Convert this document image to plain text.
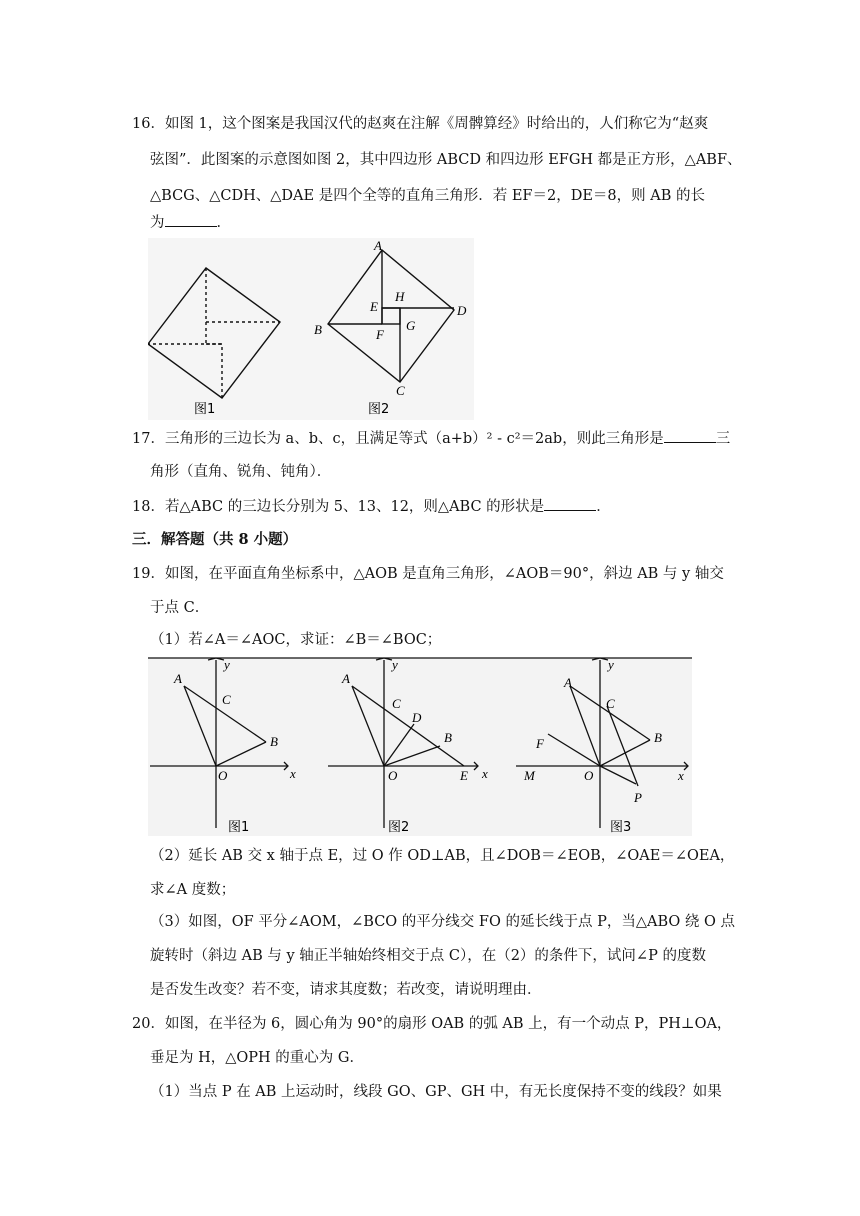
16．如图 1，这个图案是我国汉代的赵爽在注解《周髀算经》时给出的，人们称它为“赵爽
弦图”．此图案的示意图如图 2，其中四边形 ABCD 和四边形 EFGH 都是正方形，△ABF、
△BCG、△CDH、△DAE 是四个全等的直角三角形．若 EF＝2，DE＝8，则 AB 的长
为	．
图1
A
B
C
D
E
F
G
H
图2
17．三角形的三边长为 a、b、c，且满足等式（a+b）² - c²＝2ab，则此三角形是	三
角形（直角、锐角、钝角）．
18．若△ABC 的三边长分别为 5、13、12，则△ABC 的形状是	．
三．解答题（共 8 小题）
19．如图，在平面直角坐标系中，△AOB 是直角三角形，∠AOB＝90°，斜边 AB 与 y 轴交
于点 C．
（1）若∠A＝∠AOC，求证：∠B＝∠BOC；
A
C
B
O	x
y
图1
A
C
D
B
O	E x
y
图2
A
C
B
F
M	O
P
x
y
图3
（2）延长 AB 交 x 轴于点 E，过 O 作 OD⊥AB，且∠DOB＝∠EOB，∠OAE＝∠OEA，
求∠A 度数；
（3）如图，OF 平分∠AOM，∠BCO 的平分线交 FO 的延长线于点 P，当△ABO 绕 O 点
旋转时（斜边 AB 与 y 轴正半轴始终相交于点 C），在（2）的条件下，试问∠P 的度数
是否发生改变？若不变，请求其度数；若改变，请说明理由．
20．如图，在半径为 6，圆心角为 90°的扇形 OAB 的弧 AB 上，有一个动点 P，PH⊥OA，
垂足为 H，△OPH 的重心为 G．
（1）当点 P 在 AB 上运动时，线段 GO、GP、GH 中，有无长度保持不变的线段？如果
